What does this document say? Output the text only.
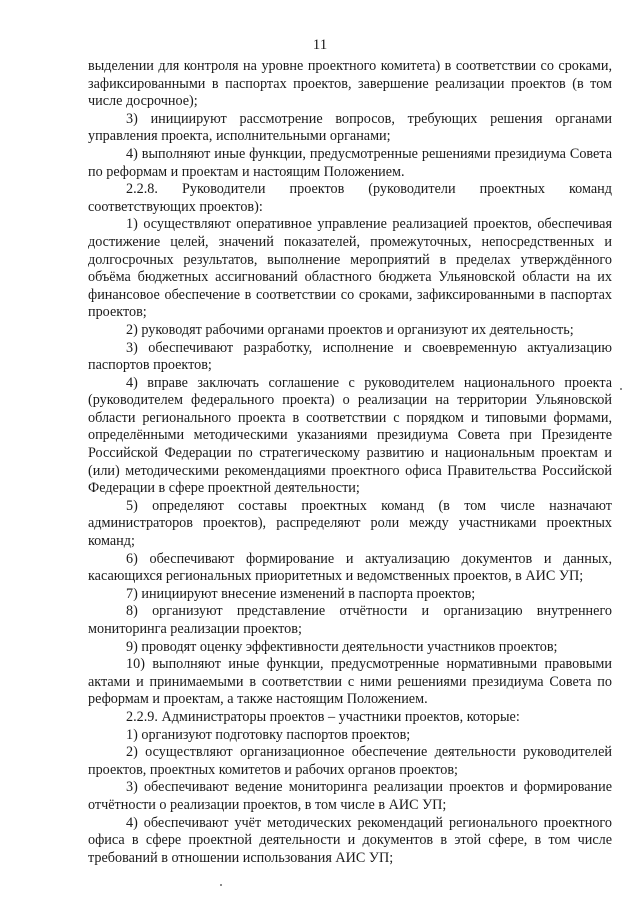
11

выделении для контроля на уровне проектного комитета) в соответствии со сроками, зафиксированными в паспортах проектов, завершение реализации проектов (в том числе досрочное);

3) инициируют рассмотрение вопросов, требующих решения органами управления проекта, исполнительными органами;

4) выполняют иные функции, предусмотренные решениями президиума Совета по реформам и проектам и настоящим Положением.

2.2.8. Руководители проектов (руководители проектных команд соответствующих проектов):

1) осуществляют оперативное управление реализацией проектов, обеспечивая достижение целей, значений показателей, промежуточных, непосредственных и долгосрочных результатов, выполнение мероприятий в пределах утверждённого объёма бюджетных ассигнований областного бюджета Ульяновской области на их финансовое обеспечение в соответствии со сроками, зафиксированными в паспортах проектов;

2) руководят рабочими органами проектов и организуют их деятельность;

3) обеспечивают разработку, исполнение и своевременную актуализацию паспортов проектов;

4) вправе заключать соглашение с руководителем национального проекта (руководителем федерального проекта) о реализации на территории Ульяновской области регионального проекта в соответствии с порядком и типовыми формами, определёнными методическими указаниями президиума Совета при Президенте Российской Федерации по стратегическому развитию и национальным проектам и (или) методическими рекомендациями проектного офиса Правительства Российской Федерации в сфере проектной деятельности;

5) определяют составы проектных команд (в том числе назначают администраторов проектов), распределяют роли между участниками проектных команд;

6) обеспечивают формирование и актуализацию документов и данных, касающихся региональных приоритетных и ведомственных проектов, в АИС УП;

7) инициируют внесение изменений в паспорта проектов;

8) организуют представление отчётности и организацию внутреннего мониторинга реализации проектов;

9) проводят оценку эффективности деятельности участников проектов;

10) выполняют иные функции, предусмотренные нормативными правовыми актами и принимаемыми в соответствии с ними решениями президиума Совета по реформам и проектам, а также настоящим Положением.

2.2.9. Администраторы проектов – участники проектов, которые:

1) организуют подготовку паспортов проектов;

2) осуществляют организационное обеспечение деятельности руководителей проектов, проектных комитетов и рабочих органов проектов;

3) обеспечивают ведение мониторинга реализации проектов и формирование отчётности о реализации проектов, в том числе в АИС УП;

4) обеспечивают учёт методических рекомендаций регионального проектного офиса в сфере проектной деятельности и документов в этой сфере, в том числе требований в отношении использования АИС УП;
